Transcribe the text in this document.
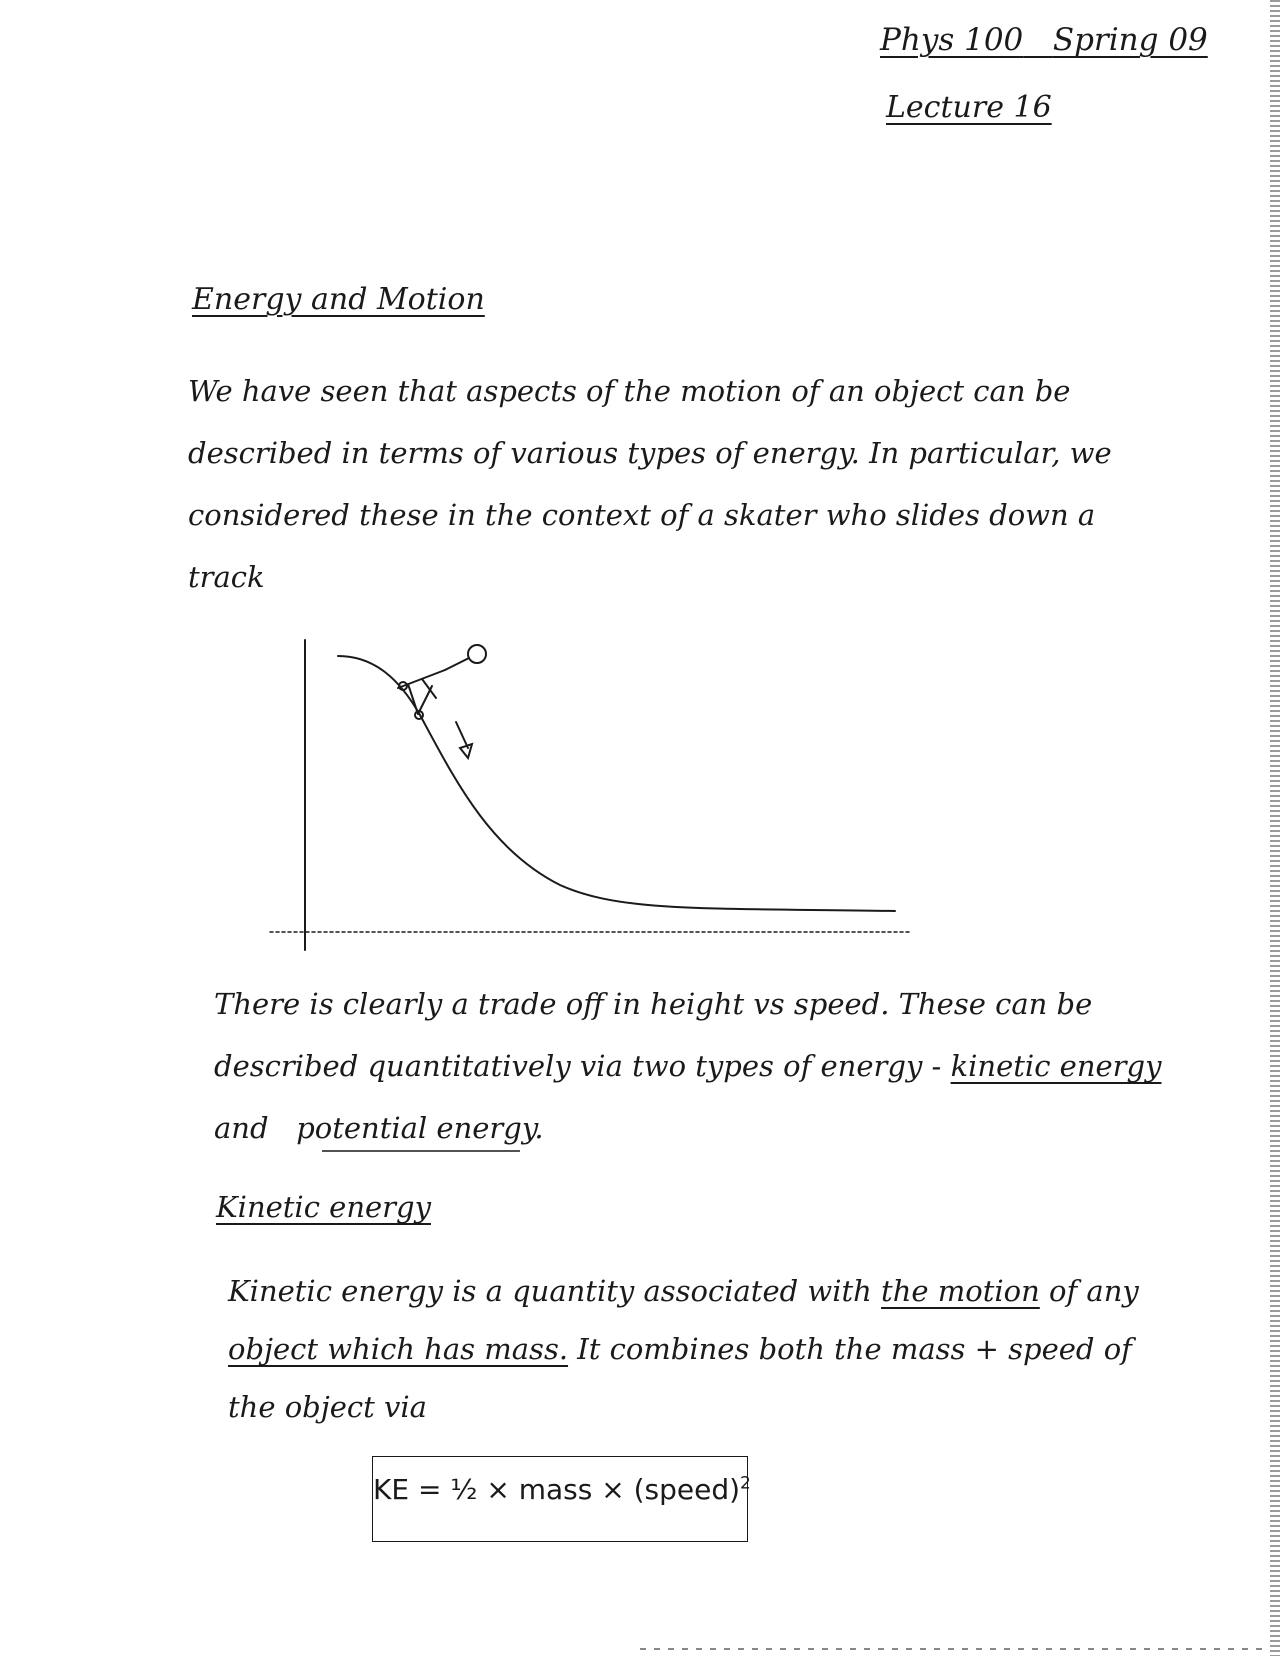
Phys 100 Spring 09
Lecture 16
Energy and Motion
We have seen that aspects of the motion of an object can be
described in terms of various types of energy. In particular, we
considered these in the context of a skater who slides down a
track
There is clearly a trade off in height vs speed. These can be
described quantitatively via two types of energy - kinetic energy
and potential energy.
Kinetic energy
Kinetic energy is a quantity associated with the motion of any
object which has mass. It combines both the mass + speed of
the object via
KE = ½ × mass × (speed)$^2$
